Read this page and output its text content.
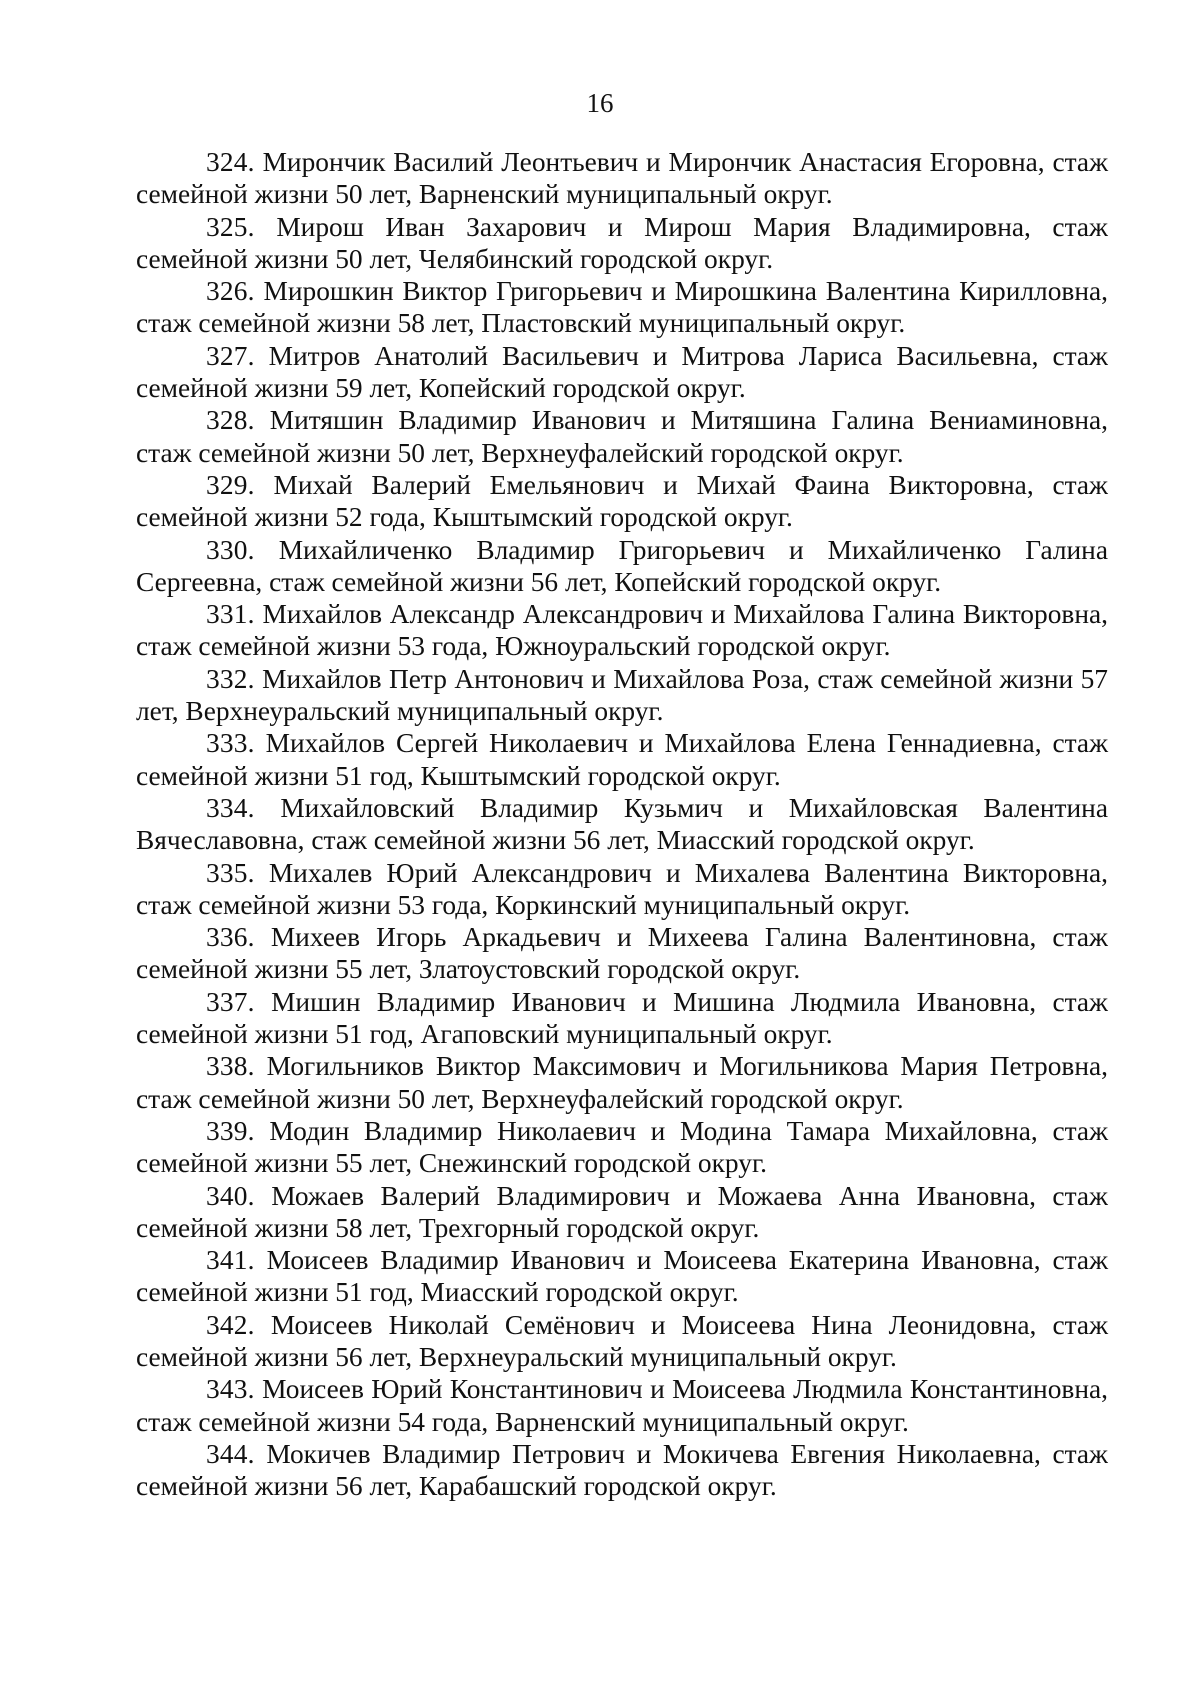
16

324. Мирончик Василий Леонтьевич и Мирончик Анастасия Егоровна, стаж семейной жизни 50 лет, Варненский муниципальный округ.

325. Мирош Иван Захарович и Мирош Мария Владимировна, стаж семейной жизни 50 лет, Челябинский городской округ.

326. Мирошкин Виктор Григорьевич и Мирошкина Валентина Кирилловна, стаж семейной жизни 58 лет, Пластовский муниципальный округ.

327. Митров Анатолий Васильевич и Митрова Лариса Васильевна, стаж семейной жизни 59 лет, Копейский городской округ.

328. Митяшин Владимир Иванович и Митяшина Галина Вениаминовна, стаж семейной жизни 50 лет, Верхнеуфалейский городской округ.

329. Михай Валерий Емельянович и Михай Фаина Викторовна, стаж семейной жизни 52 года, Кыштымский городской округ.

330. Михайличенко Владимир Григорьевич и Михайличенко Галина Сергеевна, стаж семейной жизни 56 лет, Копейский городской округ.

331. Михайлов Александр Александрович и Михайлова Галина Викторовна, стаж семейной жизни 53 года, Южноуральский городской округ.

332. Михайлов Петр Антонович и Михайлова Роза, стаж семейной жизни 57 лет, Верхнеуральский муниципальный округ.

333. Михайлов Сергей Николаевич и Михайлова Елена Геннадиевна, стаж семейной жизни 51 год, Кыштымский городской округ.

334. Михайловский Владимир Кузьмич и Михайловская Валентина Вячеславовна, стаж семейной жизни 56 лет, Миасский городской округ.

335. Михалев Юрий Александрович и Михалева Валентина Викторовна, стаж семейной жизни 53 года, Коркинский муниципальный округ.

336. Михеев Игорь Аркадьевич и Михеева Галина Валентиновна, стаж семейной жизни 55 лет, Златоустовский городской округ.

337. Мишин Владимир Иванович и Мишина Людмила Ивановна, стаж семейной жизни 51 год, Агаповский муниципальный округ.

338. Могильников Виктор Максимович и Могильникова Мария Петровна, стаж семейной жизни 50 лет, Верхнеуфалейский городской округ.

339. Модин Владимир Николаевич и Модина Тамара Михайловна, стаж семейной жизни 55 лет, Снежинский городской округ.

340. Можаев Валерий Владимирович и Можаева Анна Ивановна, стаж семейной жизни 58 лет, Трехгорный городской округ.

341. Моисеев Владимир Иванович и Моисеева Екатерина Ивановна, стаж семейной жизни 51 год, Миасский городской округ.

342. Моисеев Николай Семёнович и Моисеева Нина Леонидовна, стаж семейной жизни 56 лет, Верхнеуральский муниципальный округ.

343. Моисеев Юрий Константинович и Моисеева Людмила Константиновна, стаж семейной жизни 54 года, Варненский муниципальный округ.

344. Мокичев Владимир Петрович и Мокичева Евгения Николаевна, стаж семейной жизни 56 лет, Карабашский городской округ.
